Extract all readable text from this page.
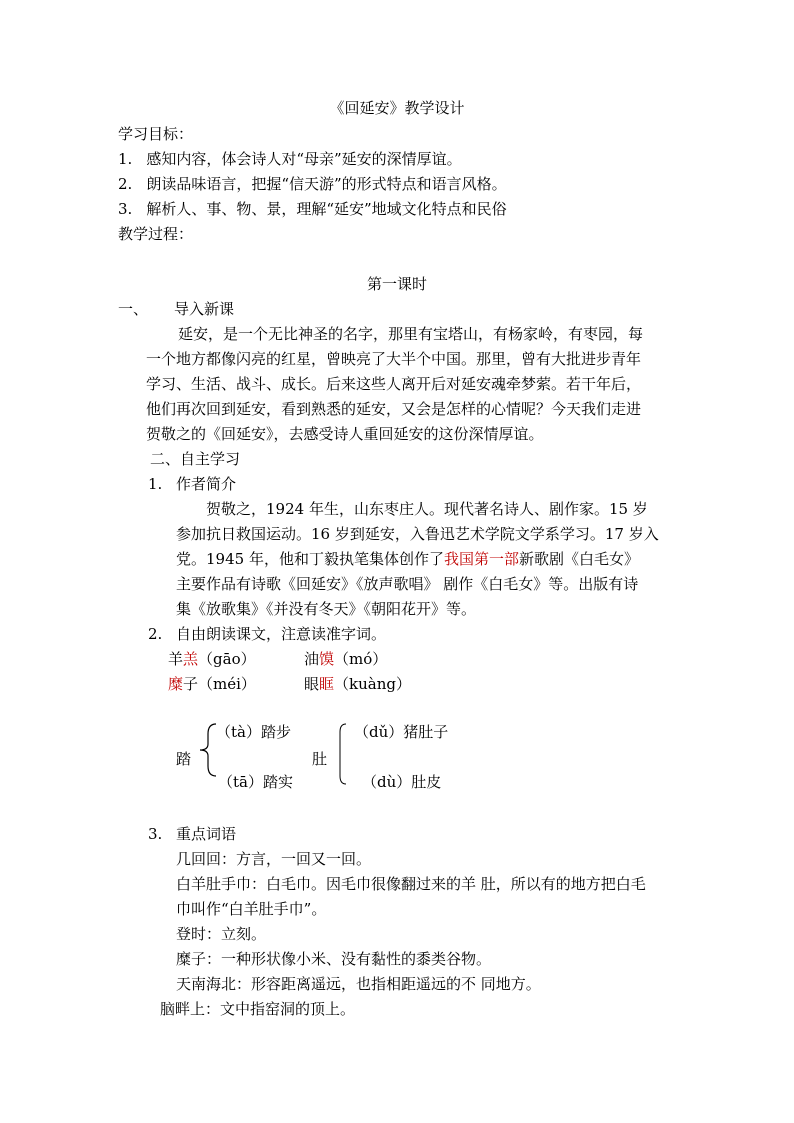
《回延安》教学设计
学习目标：
1. 感知内容，体会诗人对“母亲”延安的深情厚谊。
2. 朗读品味语言，把握“信天游”的形式特点和语言风格。
3. 解析人、事、物、景，理解“延安”地域文化特点和民俗
教学过程：
第一课时
一、 导入新课
延安，是一个无比神圣的名字，那里有宝塔山，有杨家岭，有枣园，每
一个地方都像闪亮的红星，曾映亮了大半个中国。那里，曾有大批进步青年
学习、生活、战斗、成长。后来这些人离开后对延安魂牵梦萦。若干年后，
他们再次回到延安，看到熟悉的延安，又会是怎样的心情呢？今天我们走进
贺敬之的《回延安》，去感受诗人重回延安的这份深情厚谊。
二、自主学习
1. 作者简介
贺敬之，1924 年生，山东枣庄人。现代著名诗人、剧作家。15 岁
参加抗日救国运动。16 岁到延安，入鲁迅艺术学院文学系学习。17 岁入
党。1945 年，他和丁毅执笔集体创作了我国第一部新歌剧《白毛女》
主要作品有诗歌《回延安》《放声歌唱》 剧作《白毛女》等。出版有诗
集《放歌集》《并没有冬天》《朝阳花开》等。
2. 自由朗读课文，注意读准字词。
羊羔（gāo）	油馍（mó）
糜子（méi）	眼眶（kuàng）
踏
（tà）踏步
（tā）踏实
肚
（dǔ）猪肚子
（dù）肚皮
3. 重点词语
几回回：方言，一回又一回。
白羊肚手巾：白毛巾。因毛巾很像翻过来的羊 肚，所以有的地方把白毛
巾叫作“白羊肚手巾”。
登时：立刻。
糜子：一种形状像小米、没有黏性的黍类谷物。
天南海北：形容距离遥远，也指相距遥远的不 同地方。
脑畔上：文中指窑洞的顶上。
